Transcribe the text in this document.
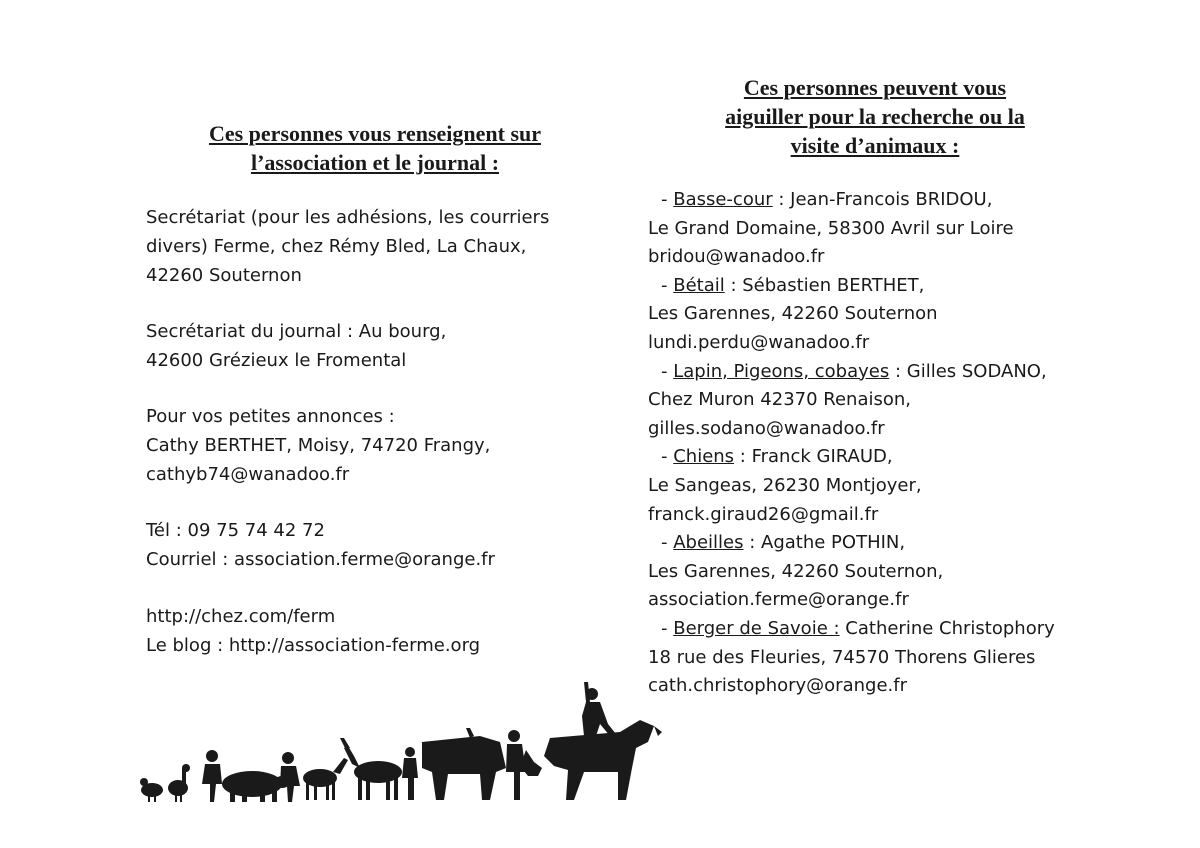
Ces personnes vous renseignent sur
l’association et le journal :
Secrétariat (pour les adhésions, les courriers
divers) Ferme, chez Rémy Bled, La Chaux,
42260 Souternon
Secrétariat du journal : Au bourg,
42600 Grézieux le Fromental
Pour vos petites annonces :
Cathy BERTHET, Moisy, 74720 Frangy,
cathyb74@wanadoo.fr
Tél : 09 75 74 42 72
Courriel : association.ferme@orange.fr
http://chez.com/ferm
Le blog : http://association-ferme.org
Ces personnes peuvent vous
aiguiller pour la recherche ou la
visite d’animaux :
- Basse-cour : Jean-Francois BRIDOU,
Le Grand Domaine, 58300 Avril sur Loire
bridou@wanadoo.fr
- Bétail : Sébastien BERTHET,
Les Garennes, 42260 Souternon
lundi.perdu@wanadoo.fr
- Lapin, Pigeons, cobayes : Gilles SODANO,
Chez Muron 42370 Renaison,
gilles.sodano@wanadoo.fr
- Chiens : Franck GIRAUD,
Le Sangeas, 26230 Montjoyer,
franck.giraud26@gmail.fr
- Abeilles : Agathe POTHIN,
Les Garennes, 42260 Souternon,
association.ferme@orange.fr
- Berger de Savoie : Catherine Christophory
18 rue des Fleuries, 74570 Thorens Glieres
cath.christophory@orange.fr
